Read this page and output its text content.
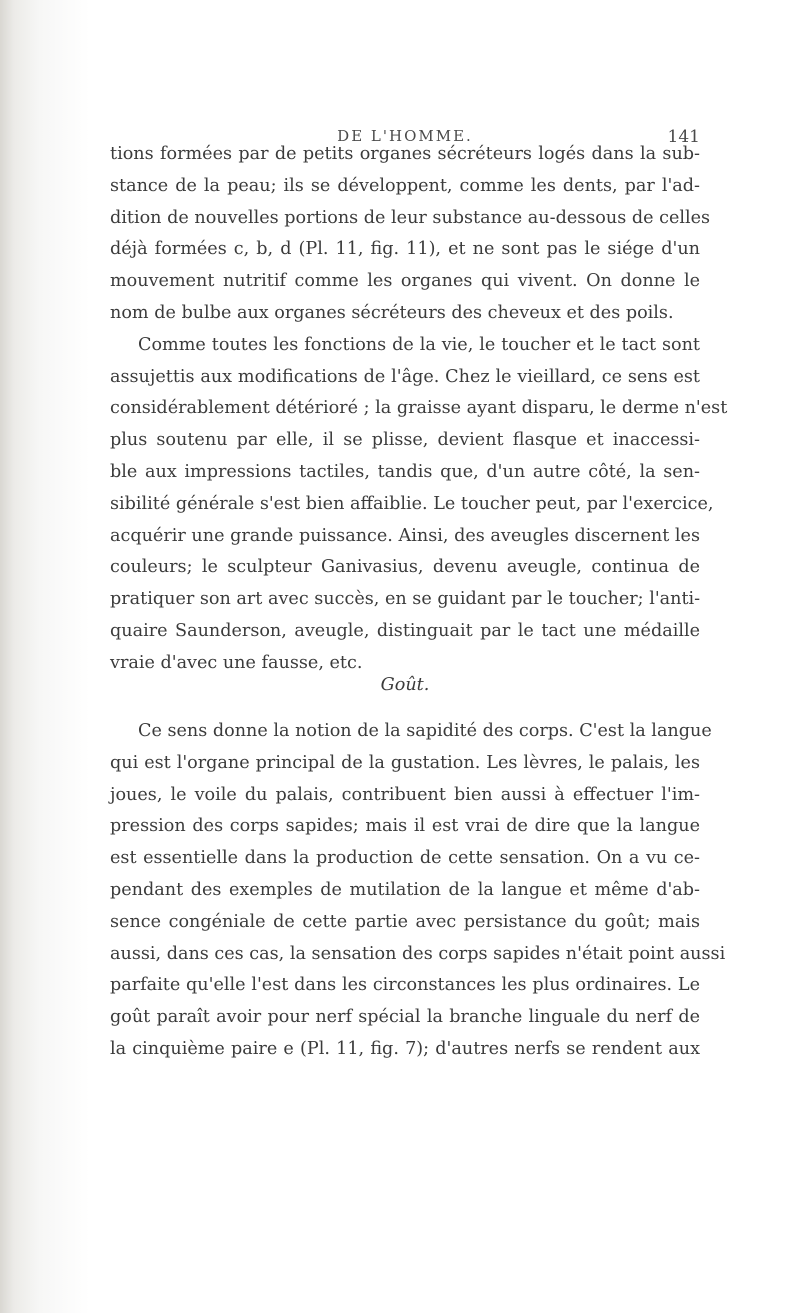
DE L'HOMME.	141
tions formées par de petits organes sécréteurs logés dans la sub-
stance de la peau; ils se développent, comme les dents, par l'ad-
dition de nouvelles portions de leur substance au-dessous de celles
déjà formées c, b, d (Pl. 11, fig. 11), et ne sont pas le siége d'un
mouvement nutritif comme les organes qui vivent. On donne le
nom de bulbe aux organes sécréteurs des cheveux et des poils.
Comme toutes les fonctions de la vie, le toucher et le tact sont
assujettis aux modifications de l'âge. Chez le vieillard, ce sens est
considérablement détérioré ; la graisse ayant disparu, le derme n'est
plus soutenu par elle, il se plisse, devient flasque et inaccessi-
ble aux impressions tactiles, tandis que, d'un autre côté, la sen-
sibilité générale s'est bien affaiblie. Le toucher peut, par l'exercice,
acquérir une grande puissance. Ainsi, des aveugles discernent les
couleurs; le sculpteur Ganivasius, devenu aveugle, continua de
pratiquer son art avec succès, en se guidant par le toucher; l'anti-
quaire Saunderson, aveugle, distinguait par le tact une médaille
vraie d'avec une fausse, etc.
Goût.
Ce sens donne la notion de la sapidité des corps. C'est la langue
qui est l'organe principal de la gustation. Les lèvres, le palais, les
joues, le voile du palais, contribuent bien aussi à effectuer l'im-
pression des corps sapides; mais il est vrai de dire que la langue
est essentielle dans la production de cette sensation. On a vu ce-
pendant des exemples de mutilation de la langue et même d'ab-
sence congéniale de cette partie avec persistance du goût; mais
aussi, dans ces cas, la sensation des corps sapides n'était point aussi
parfaite qu'elle l'est dans les circonstances les plus ordinaires. Le
goût paraît avoir pour nerf spécial la branche linguale du nerf de
la cinquième paire e (Pl. 11, fig. 7); d'autres nerfs se rendent aux
